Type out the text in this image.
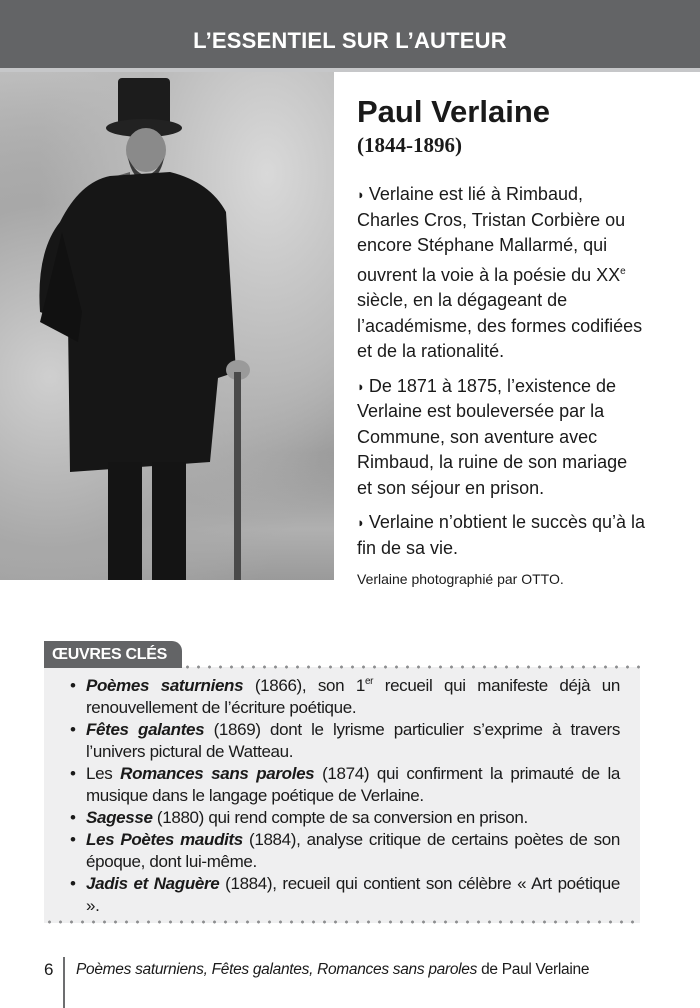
L’ESSENTIEL SUR L’AUTEUR
Paul Verlaine
(1844-1896)

◗ Verlaine est lié à Rimbaud, Charles Cros, Tristan Corbière ou encore Stéphane Mallarmé, qui ouvrent la voie à la poésie du XXe siècle, en la dégageant de l’académisme, des formes codifiées et de la rationalité.

◗ De 1871 à 1875, l’existence de Verlaine est bouleversée par la Commune, son aventure avec Rimbaud, la ruine de son mariage et son séjour en prison.

◗ Verlaine n’obtient le succès qu’à la fin de sa vie.

Verlaine photographié par OTTO.

ŒUVRES CLÉS
• Poèmes saturniens (1866), son 1er recueil qui manifeste déjà un renouvellement de l’écriture poétique.
• Fêtes galantes (1869) dont le lyrisme particulier s’exprime à travers l’univers pictural de Watteau.
• Les Romances sans paroles (1874) qui confirment la primauté de la musique dans le langage poétique de Verlaine.
• Sagesse (1880) qui rend compte de sa conversion en prison.
• Les Poètes maudits (1884), analyse critique de certains poètes de son époque, dont lui-même.
• Jadis et Naguère (1884), recueil qui contient son célèbre « Art poétique ».
6 Poèmes saturniens, Fêtes galantes, Romances sans paroles de Paul Verlaine
